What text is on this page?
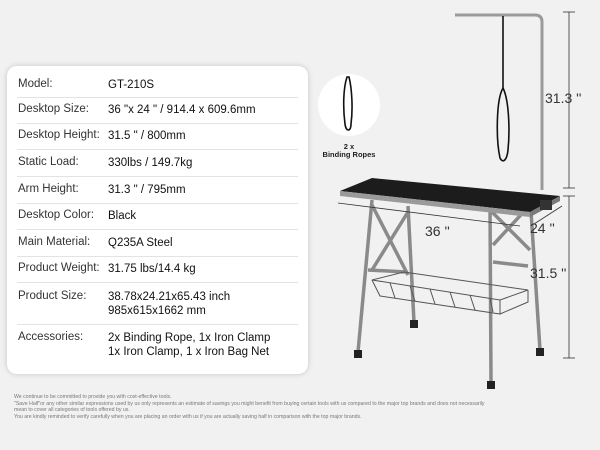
2 x
Binding Ropes
31.3 ''
31.5 ''
36 ''	24 ''
Model:	GT-210S
Desktop Size: 36 "x 24 " / 914.4 x 609.6mm
Desktop Height: 31.5 " / 800mm
Static Load:	330lbs / 149.7kg
Arm Height:	31.3 " / 795mm
Desktop Color: Black
Main Material: Q235A Steel
Product Weight: 31.75 lbs/14.4 kg
Product Size: 38.78x24.21x65.43 inch
985x615x1662 mm
Accessories: 2x Binding Rope, 1x Iron Clamp
1x Iron Clamp, 1 x Iron Bag Net
We continue to be committed to provide you with cost-effective tools.
"Save Half"or any other similar expressions used by us only represents an estimate of savings you might benefit from buying certain tools with us compared to the major top brands and does not necessarily
mean to cover all categories of tools offered by us.
You are kindly reminded to verify carefully when you are placing an order with us if you are actually saving half in comparison with the top major brands.
